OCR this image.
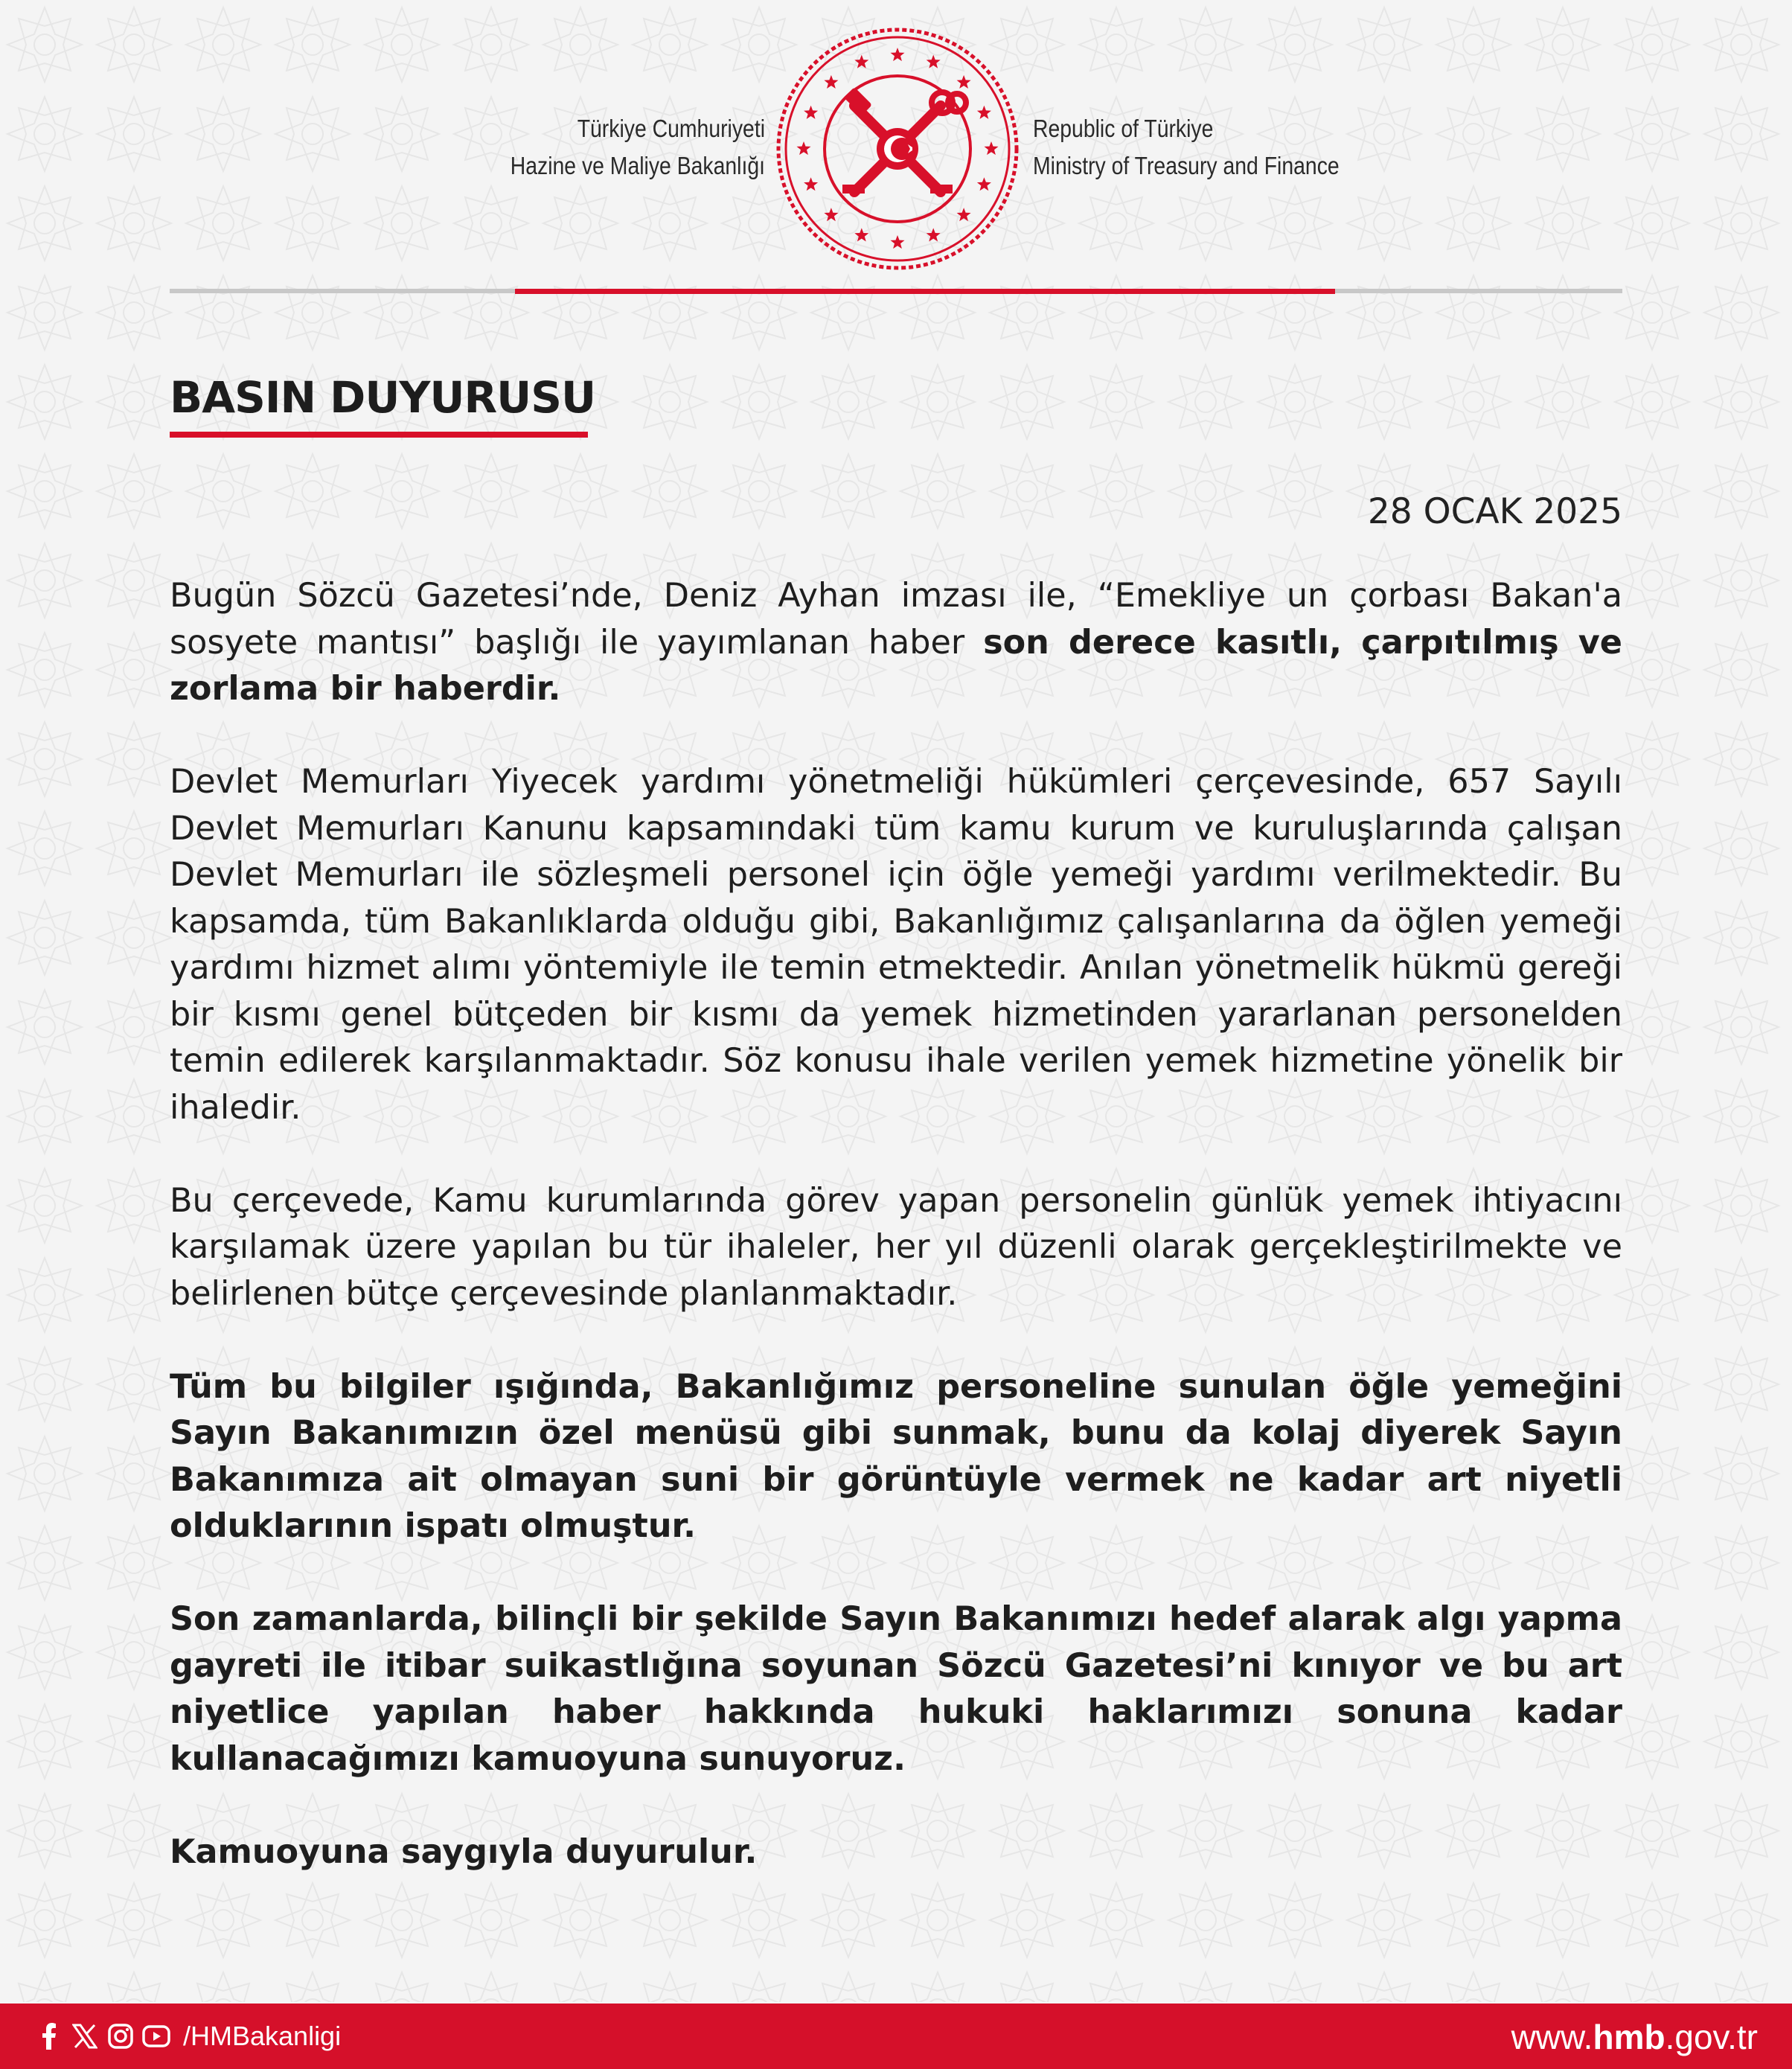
Türkiye Cumhuriyeti
Hazine ve Maliye Bakanlığı
Republic of Türkiye
Ministry of Treasury and Finance
BASIN DUYURUSU
28 OCAK 2025

Bugün Sözcü Gazetesi’nde, Deniz Ayhan imzası ile, “Emekliye un çorbası Bakan'a sosyete mantısı” başlığı ile yayımlanan haber son derece kasıtlı, çarpıtılmış ve zorlama bir haberdir.

Devlet Memurları Yiyecek yardımı yönetmeliği hükümleri çerçevesinde, 657 Sayılı Devlet Memurları Kanunu kapsamındaki tüm kamu kurum ve kuruluşlarında çalışan Devlet Memurları ile sözleşmeli personel için öğle yemeği yardımı verilmektedir. Bu kapsamda, tüm Bakanlıklarda olduğu gibi, Bakanlığımız çalışanlarına da öğlen yemeği yardımı hizmet alımı yöntemiyle ile temin etmektedir. Anılan yönetmelik hükmü gereği bir kısmı genel bütçeden bir kısmı da yemek hizmetinden yararlanan personelden temin edilerek karşılanmaktadır. Söz konusu ihale verilen yemek hizmetine yönelik bir ihaledir.

Bu çerçevede, Kamu kurumlarında görev yapan personelin günlük yemek ihtiyacını karşılamak üzere yapılan bu tür ihaleler, her yıl düzenli olarak gerçekleştirilmekte ve belirlenen bütçe çerçevesinde planlanmaktadır.

Tüm bu bilgiler ışığında, Bakanlığımız personeline sunulan öğle yemeğini Sayın Bakanımızın özel menüsü gibi sunmak, bunu da kolaj diyerek Sayın Bakanımıza ait olmayan suni bir görüntüyle vermek ne kadar art niyetli olduklarının ispatı olmuştur.

Son zamanlarda, bilinçli bir şekilde Sayın Bakanımızı hedef alarak algı yapma gayreti ile itibar suikastlığına soyunan Sözcü Gazetesi’ni kınıyor ve bu art niyetlice yapılan haber hakkında hukuki haklarımızı sonuna kadar kullanacağımızı kamuoyuna sunuyoruz.

Kamuoyuna saygıyla duyurulur.

/HMBakanligi	www.hmb.gov.tr
